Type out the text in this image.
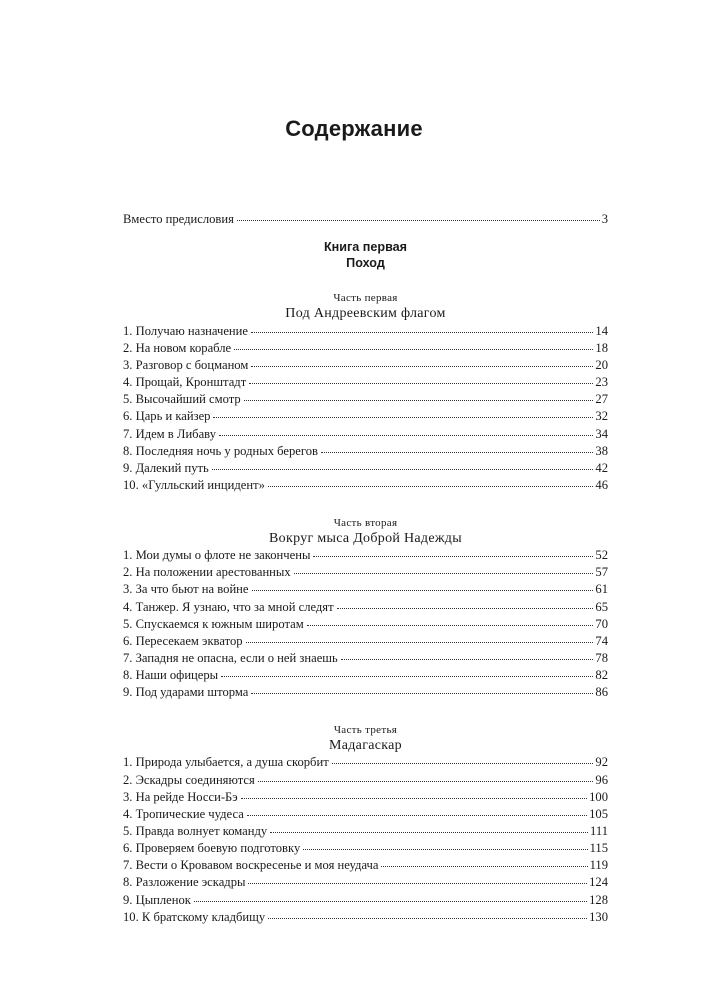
Содержание
Вместо предисловия	3
Книга первая
Поход
Часть первая
Под Андреевским флагом
1. Получаю назначение	14
2. На новом корабле	18
3. Разговор с боцманом	20
4. Прощай, Кронштадт	23
5. Высочайший смотр	27
6. Царь и кайзер	32
7. Идем в Либаву	34
8. Последняя ночь у родных берегов	38
9. Далекий путь	42
10. «Гулльский инцидент»	46
Часть вторая
Вокруг мыса Доброй Надежды
1. Мои думы о флоте не закончены	52
2. На положении арестованных	57
3. За что бьют на войне	61
4. Танжер. Я узнаю, что за мной следят	65
5. Спускаемся к южным широтам	70
6. Пересекаем экватор	74
7. Западня не опасна, если о ней знаешь	78
8. Наши офицеры	82
9. Под ударами шторма	86
Часть третья
Мадагаскар
1. Природа улыбается, а душа скорбит	92
2. Эскадры соединяются	96
3. На рейде Носси-Бэ	100
4. Тропические чудеса	105
5. Правда волнует команду	111
6. Проверяем боевую подготовку	115
7. Вести о Кровавом воскресенье и моя неудача	119
8. Разложение эскадры	124
9. Цыпленок	128
10. К братскому кладбищу	130
